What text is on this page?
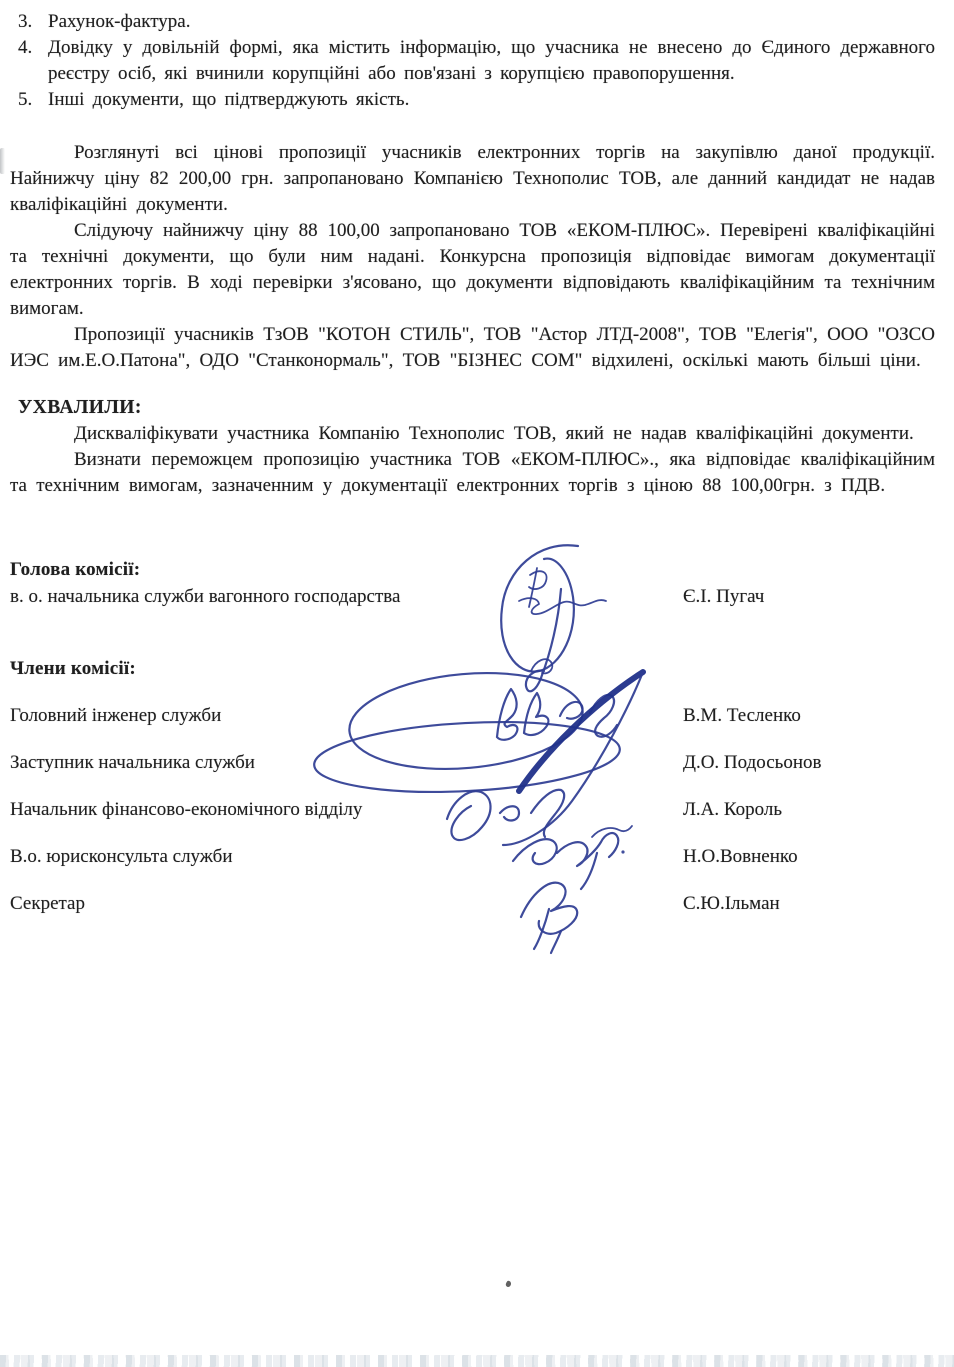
3. Рахунок-фактура.
4. Довідку у довільній формі, яка містить інформацію, що учасника не внесено до Єдиного державного реєстру осіб, які вчинили корупційні або пов'язані з корупцією правопорушення.
5. Інші документи, що підтверджують якість.

Розглянуті всі цінові пропозиції учасників електронних торгів на закупівлю даної продукції. Найнижчу ціну 82 200,00 грн. запропановано Компанією Технополис ТОВ, але данний кандидат не надав кваліфікаційні документи.

Слідуючу найнижчу ціну 88 100,00 запропановано ТОВ «ЕКОМ-ПЛЮС». Перевірені кваліфікаційні та технічні документи, що були ним надані. Конкурсна пропозиція відповідає вимогам документації електронних торгів. В ході перевірки з'ясовано, що документи відповідають кваліфікаційним та технічним вимогам.

Пропозиції учасників ТзОВ "КОТОН СТИЛЬ", ТОВ "Астор ЛТД-2008", ТОВ "Елегія", ООО "ОЗСО ИЭС им.Е.О.Патона", ОДО "Станконормаль", ТОВ "БІЗНЕС СОМ" відхилені, оскількі мають більші ціни.

УХВАЛИЛИ:

Дискваліфікувати участника Компанію Технополис ТОВ, який не надав кваліфікаційні документи.

Визнати переможцем пропозицію участника ТОВ «ЕКОМ-ПЛЮС»., яка відповідає кваліфікаційним та технічним вимогам, зазначенним у документації електронних торгів з ціною 88 100,00грн. з ПДВ.

Голова комісії:
в. о. начальника служби вагонного господарства	Є.І. Пугач
Члени комісії:
Головний інженер служби	В.М. Тесленко
Заступник начальника служби	Д.О. Подосьонов
Начальник фінансово-економічного відділу	Л.А. Король
В.о. юрисконсульта служби	Н.О.Вовненко
Секретар	С.Ю.Ільман
